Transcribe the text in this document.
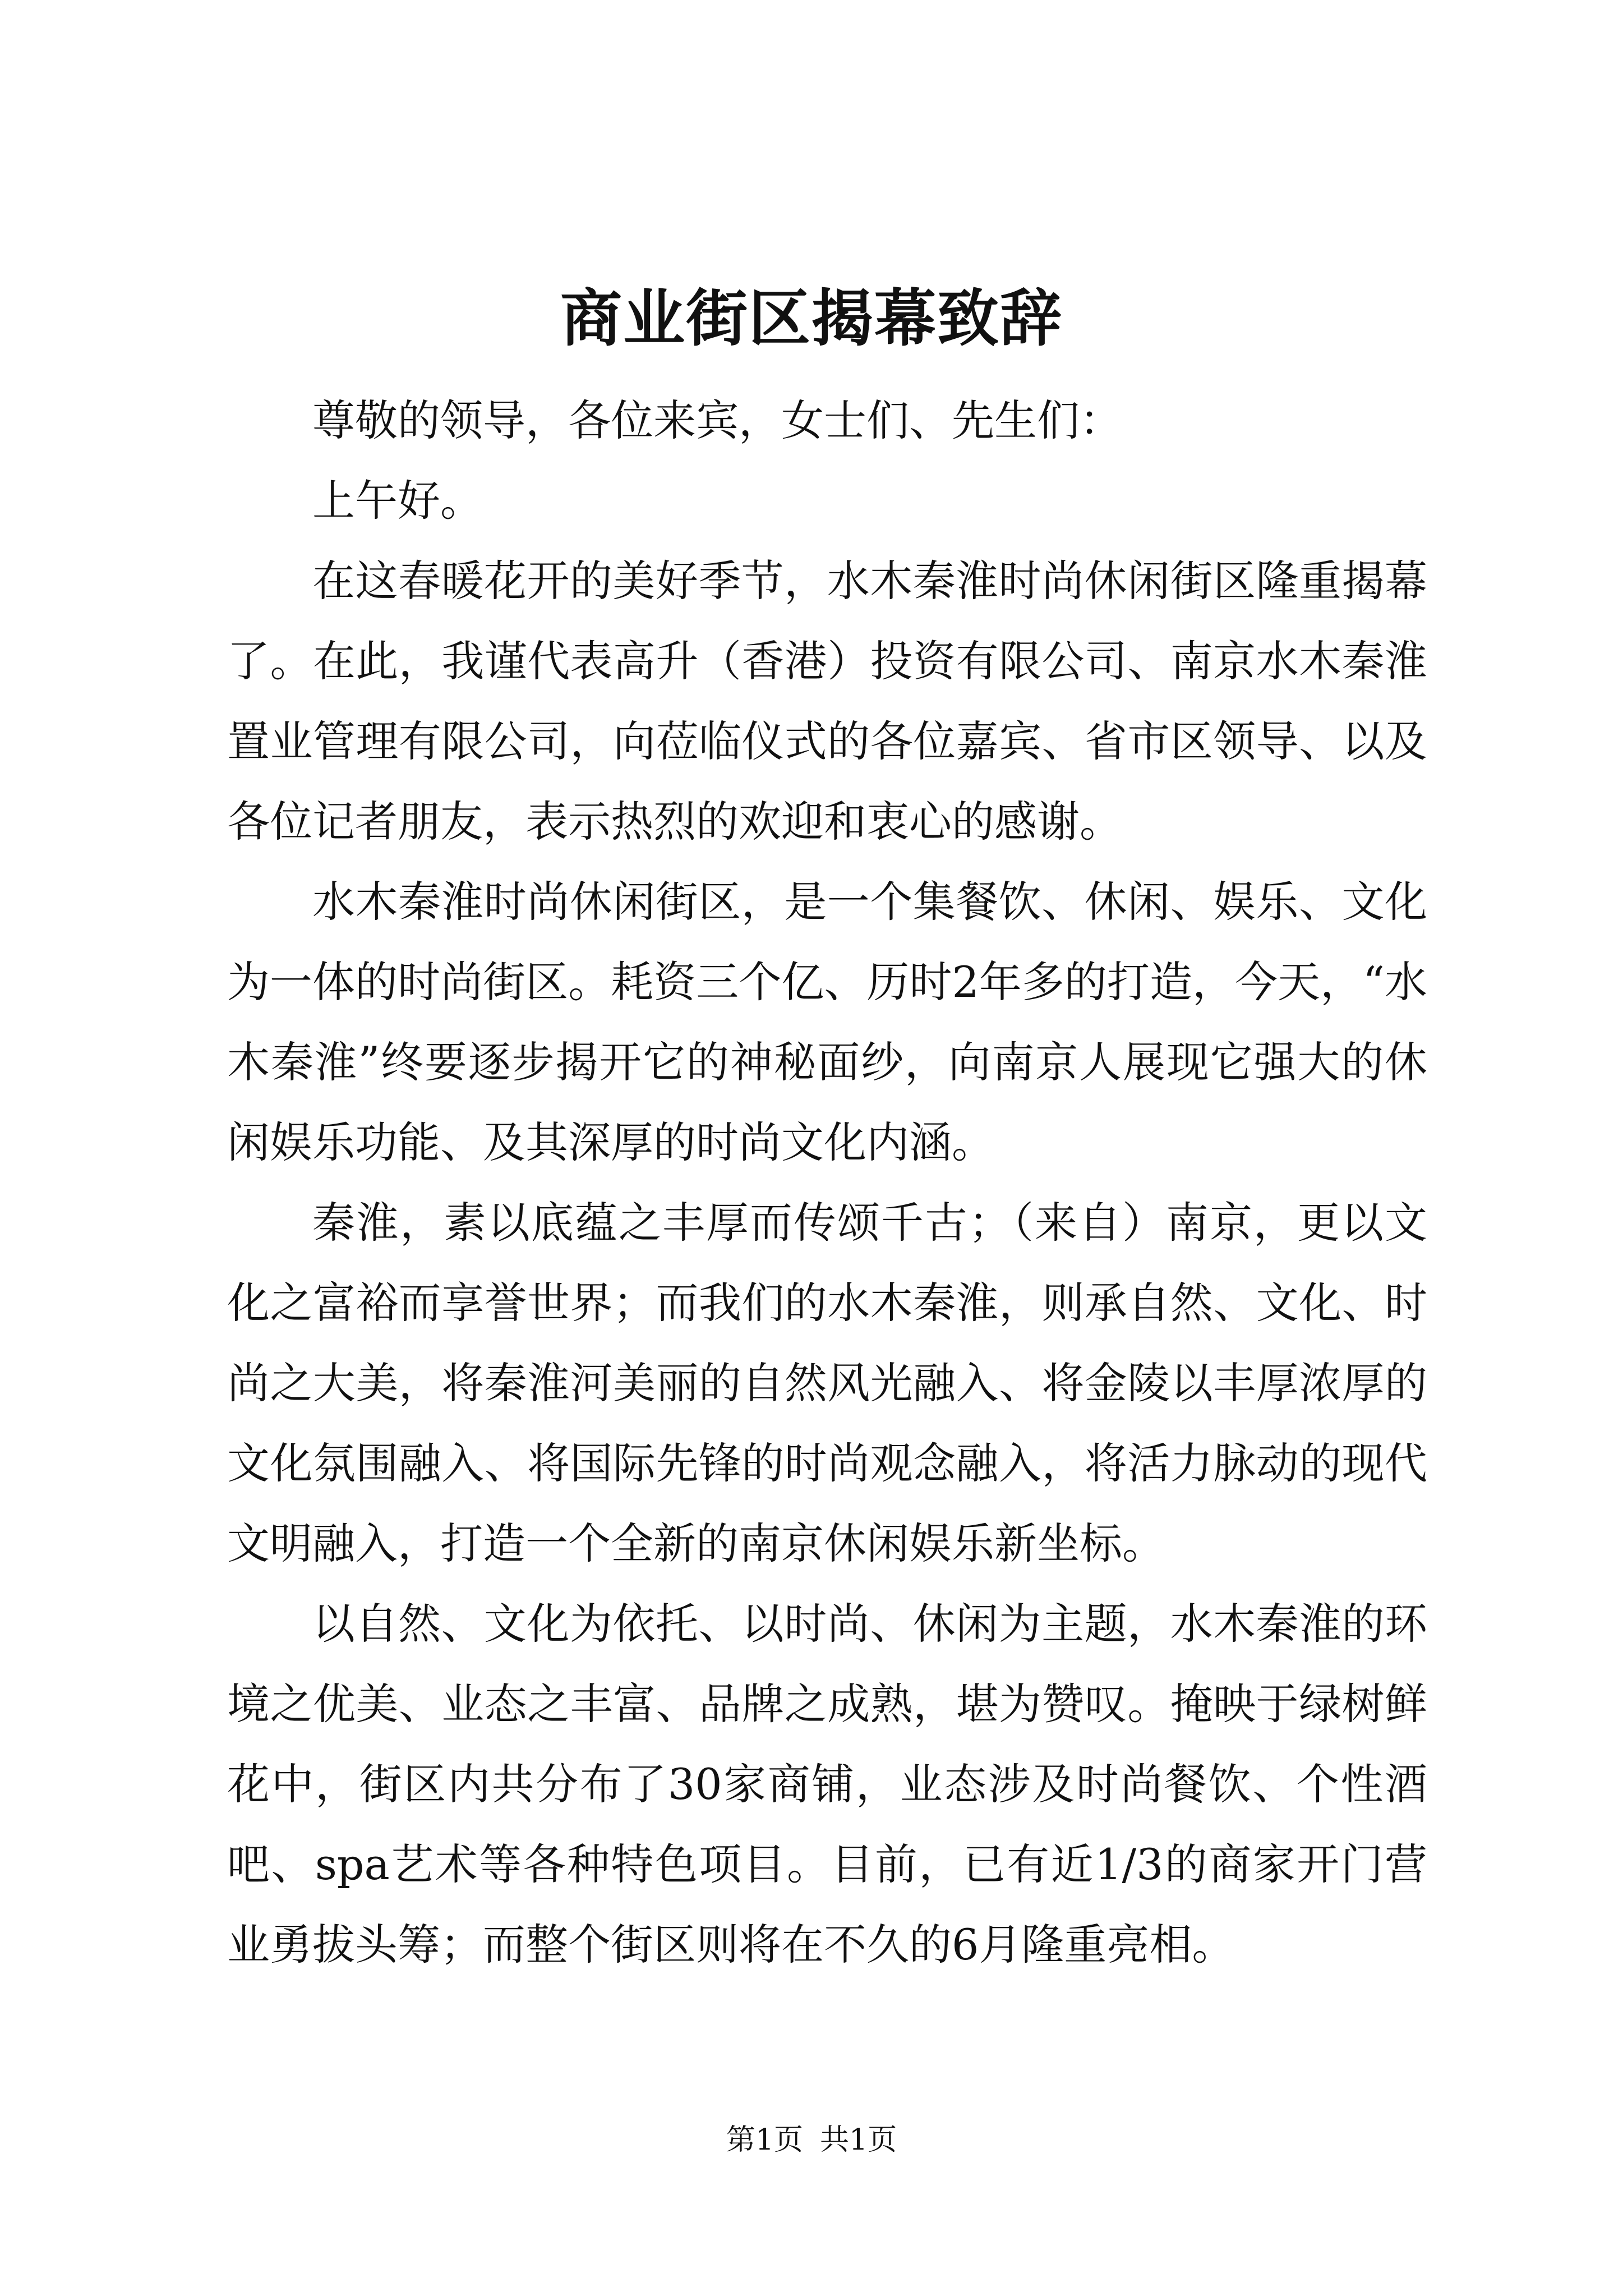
商业街区揭幕致辞

尊敬的领导，各位来宾，女士们、先生们：

上午好。

在这春暖花开的美好季节，水木秦淮时尚休闲街区隆重揭幕了。在此，我谨代表高升（香港）投资有限公司、南京水木秦淮置业管理有限公司，向莅临仪式的各位嘉宾、省市区领导、以及各位记者朋友，表示热烈的欢迎和衷心的感谢。

水木秦淮时尚休闲街区，是一个集餐饮、休闲、娱乐、文化为一体的时尚街区。耗资三个亿、历时2年多的打造，今天，“水木秦淮”终要逐步揭开它的神秘面纱，向南京人展现它强大的休闲娱乐功能、及其深厚的时尚文化内涵。

秦淮，素以底蕴之丰厚而传颂千古；（来自）南京，更以文化之富裕而享誉世界；而我们的水木秦淮，则承自然、文化、时尚之大美，将秦淮河美丽的自然风光融入、将金陵以丰厚浓厚的文化氛围融入、将国际先锋的时尚观念融入，将活力脉动的现代文明融入，打造一个全新的南京休闲娱乐新坐标。

以自然、文化为依托、以时尚、休闲为主题，水木秦淮的环境之优美、业态之丰富、品牌之成熟，堪为赞叹。掩映于绿树鲜花中，街区内共分布了30家商铺，业态涉及时尚餐饮、个性酒吧、spa艺术等各种特色项目。目前，已有近1/3的商家开门营业勇拔头筹；而整个街区则将在不久的6月隆重亮相。

第1页 共1页
